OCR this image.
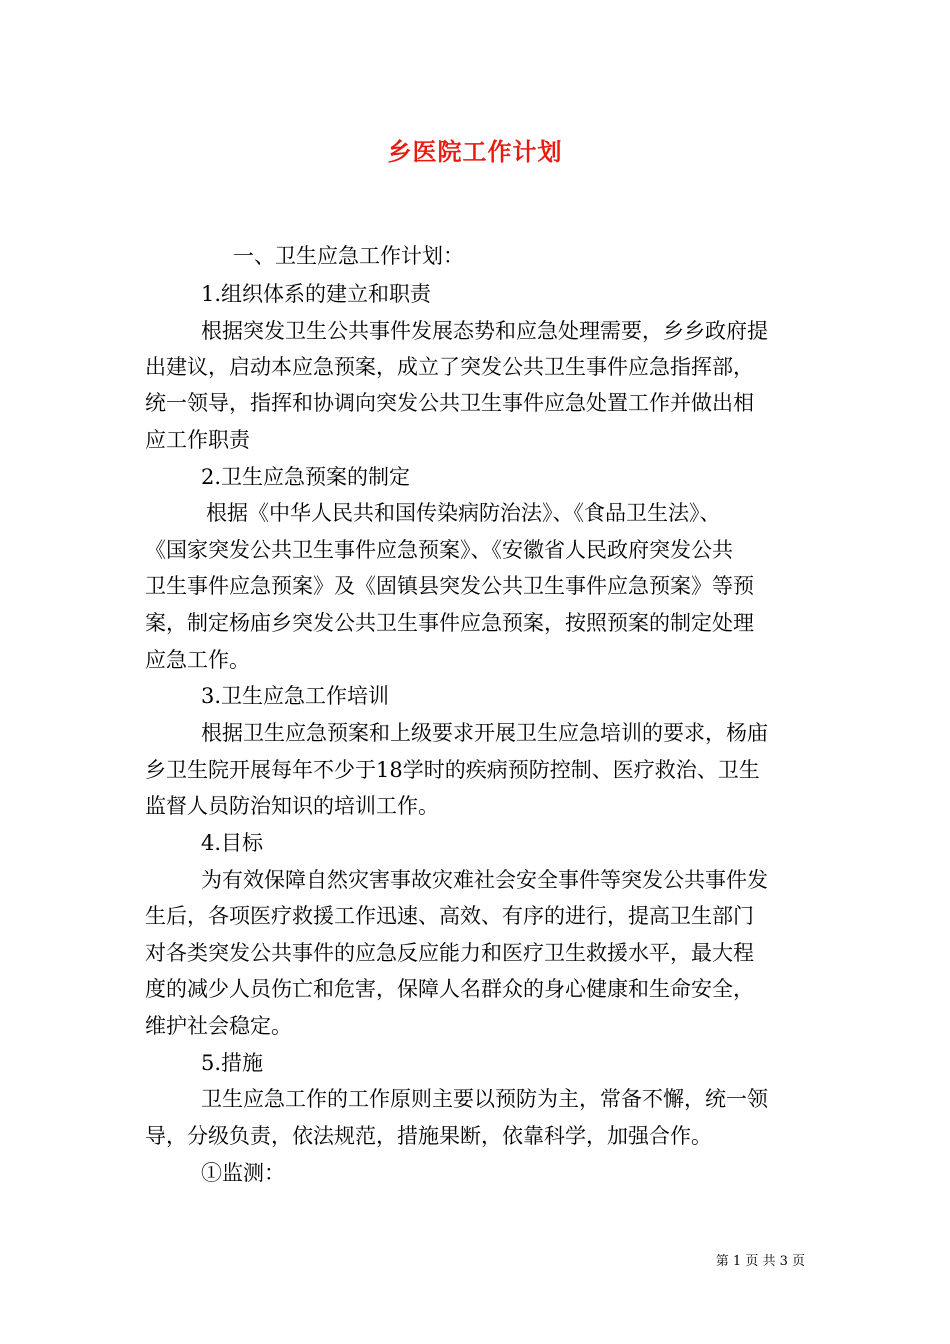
乡医院工作计划
一、卫生应急工作计划：
1.组织体系的建立和职责
根据突发卫生公共事件发展态势和应急处理需要，乡乡政府提
出建议，启动本应急预案，成立了突发公共卫生事件应急指挥部，
统一领导，指挥和协调向突发公共卫生事件应急处置工作并做出相
应工作职责
2.卫生应急预案的制定
根据《中华人民共和国传染病防治法》、《食品卫生法》、
《国家突发公共卫生事件应急预案》、《安徽省人民政府突发公共
卫生事件应急预案》及《固镇县突发公共卫生事件应急预案》等预
案，制定杨庙乡突发公共卫生事件应急预案，按照预案的制定处理
应急工作。
3.卫生应急工作培训
根据卫生应急预案和上级要求开展卫生应急培训的要求，杨庙
乡卫生院开展每年不少于18学时的疾病预防控制、医疗救治、卫生
监督人员防治知识的培训工作。
4.目标
为有效保障自然灾害事故灾难社会安全事件等突发公共事件发
生后，各项医疗救援工作迅速、高效、有序的进行，提高卫生部门
对各类突发公共事件的应急反应能力和医疗卫生救援水平，最大程
度的减少人员伤亡和危害，保障人名群众的身心健康和生命安全，
维护社会稳定。
5.措施
卫生应急工作的工作原则主要以预防为主，常备不懈，统一领
导，分级负责，依法规范，措施果断，依靠科学，加强合作。
①监测：
第 1 页 共 3 页
